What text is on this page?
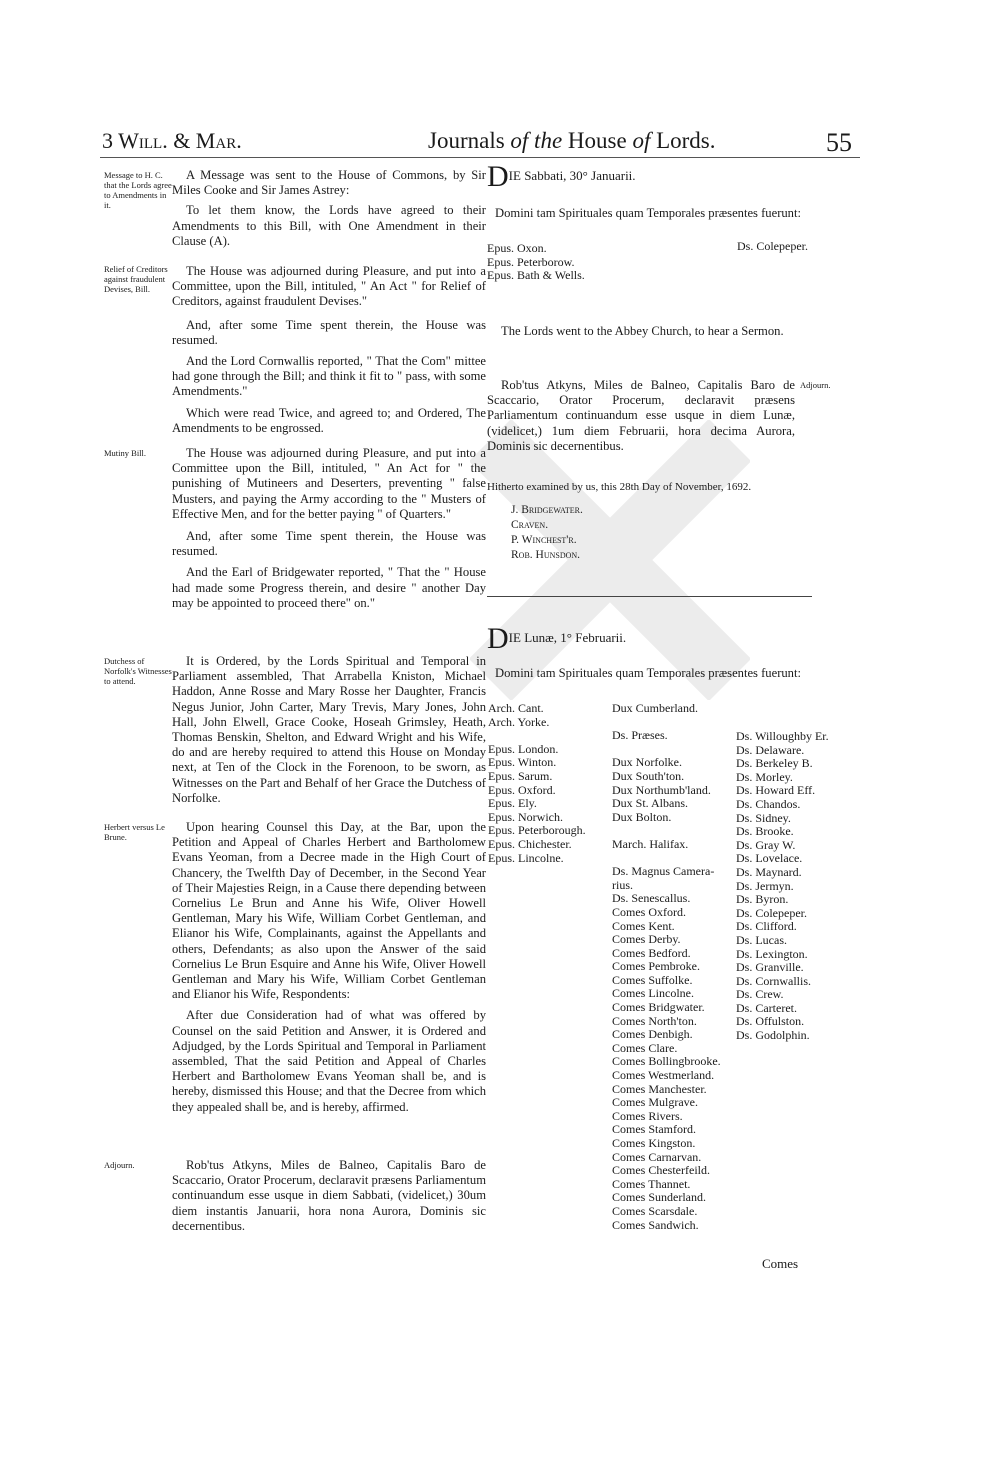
3 Will. & Mar.	Journals of the House of Lords.	55
Message to H. C. that the Lords agree to Amendments in it.
Relief of Creditors against fraudulent Devises, Bill.
Mutiny Bill.
Dutchess of Norfolk's Witnesses to attend.
Herbert versus Le Brune.
Adjourn.

A Message was sent to the House of Commons, by Sir Miles Cooke and Sir James Astrey:

To let them know, the Lords have agreed to their Amendments to this Bill, with One Amendment in their Clause (A).

The House was adjourned during Pleasure, and put into a Committee, upon the Bill, intituled, " An Act " for Relief of Creditors, against fraudulent Devises."

And, after some Time spent therein, the House was resumed.

And the Lord Cornwallis reported, " That the Com" mittee had gone through the Bill; and think it fit to " pass, with some Amendments."

Which were read Twice, and agreed to; and Ordered, The Amendments to be engrossed.

The House was adjourned during Pleasure, and put into a Committee upon the Bill, intituled, " An Act for " the punishing of Mutineers and Deserters, preventing " false Musters, and paying the Army according to the " Musters of Effective Men, and for the better paying " of Quarters."

And, after some Time spent therein, the House was resumed.

And the Earl of Bridgewater reported, " That the " House had made some Progress therein, and desire " another Day may be appointed to proceed there" on."

It is Ordered, by the Lords Spiritual and Temporal in Parliament assembled, That Arrabella Kniston, Michael Haddon, Anne Rosse and Mary Rosse her Daughter, Francis Negus Junior, John Carter, Mary Trevis, Mary Jones, John Hall, John Elwell, Grace Cooke, Hoseah Grimsley, Heath, Thomas Benskin, Shelton, and Edward Wright and his Wife, do and are hereby required to attend this House on Monday next, at Ten of the Clock in the Forenoon, to be sworn, as Witnesses on the Part and Behalf of her Grace the Dutchess of Norfolke.

Upon hearing Counsel this Day, at the Bar, upon the Petition and Appeal of Charles Herbert and Bartholomew Evans Yeoman, from a Decree made in the High Court of Chancery, the Twelfth Day of December, in the Second Year of Their Majesties Reign, in a Cause there depending between Cornelius Le Brun and Anne his Wife, Oliver Howell Gentleman, Mary his Wife, William Corbet Gentleman, and Elianor his Wife, Complainants, against the Appellants and others, Defendants; as also upon the Answer of the said Cornelius Le Brun Esquire and Anne his Wife, Oliver Howell Gentleman and Mary his Wife, William Corbet Gentleman and Elianor his Wife, Respondents:

After due Consideration had of what was offered by Counsel on the said Petition and Answer, it is Ordered and Adjudged, by the Lords Spiritual and Temporal in Parliament assembled, That the said Petition and Appeal of Charles Herbert and Bartholomew Evans Yeoman shall be, and is hereby, dismissed this House; and that the Decree from which they appealed shall be, and is hereby, affirmed.

Rob'tus Atkyns, Miles de Balneo, Capitalis Baro de Scaccario, Orator Procerum, declaravit præsens Parliamentum continuandum esse usque in diem Sabbati, (videlicet,) 30um diem instantis Januarii, hora nona Aurora, Dominis sic decernentibus.

DIE Sabbati, 30° Januarii.
Domini tam Spirituales quam Temporales præsentes fuerunt:
Epus. Oxon.
Epus. Peterborow.
Epus. Bath & Wells.
Ds. Colepeper.

The Lords went to the Abbey Church, to hear a Sermon.

Rob'tus Atkyns, Miles de Balneo, Capitalis Baro de Scaccario, Orator Procerum, declaravit præsens Parliamentum continuandum esse usque in diem Lunæ, (videlicet,) 1um diem Februarii, hora decima Aurora, Dominis sic decernentibus.

Adjourn.
Hitherto examined by us, this 28th Day of November, 1692.
J. Bridgewater.
Craven.
P. Winchest'r.
Rob. Hunsdon.
DIE Lunæ, 1° Februarii.
Domini tam Spirituales quam Temporales præsentes fuerunt:
Arch. Cant.
Arch. Yorke.

Epus. London.
Epus. Winton.
Epus. Sarum.
Epus. Oxford.
Epus. Ely.
Epus. Norwich.
Epus. Peterborough.
Epus. Chichester.
Epus. Lincolne.
Dux Cumberland.

Ds. Præses.

Dux Norfolke.
Dux South'ton.
Dux Northumb'land.
Dux St. Albans.
Dux Bolton.

March. Halifax.

Ds. Magnus Camera-
rius.
Ds. Senescallus.
Comes Oxford.
Comes Kent.
Comes Derby.
Comes Bedford.
Comes Pembroke.
Comes Suffolke.
Comes Lincolne.
Comes Bridgwater.
Comes North'ton.
Comes Denbigh.
Comes Clare.
Comes Bollingbrooke.
Comes Westmerland.
Comes Manchester.
Comes Mulgrave.
Comes Rivers.
Comes Stamford.
Comes Kingston.
Comes Carnarvan.
Comes Chesterfeild.
Comes Thannet.
Comes Sunderland.
Comes Scarsdale.
Comes Sandwich.
Ds. Willoughby Er.
Ds. Delaware.
Ds. Berkeley B.
Ds. Morley.
Ds. Howard Eff.
Ds. Chandos.
Ds. Sidney.
Ds. Brooke.
Ds. Gray W.
Ds. Lovelace.
Ds. Maynard.
Ds. Jermyn.
Ds. Byron.
Ds. Colepeper.
Ds. Clifford.
Ds. Lucas.
Ds. Lexington.
Ds. Granville.
Ds. Cornwallis.
Ds. Crew.
Ds. Carteret.
Ds. Offulston.
Ds. Godolphin.
Comes
